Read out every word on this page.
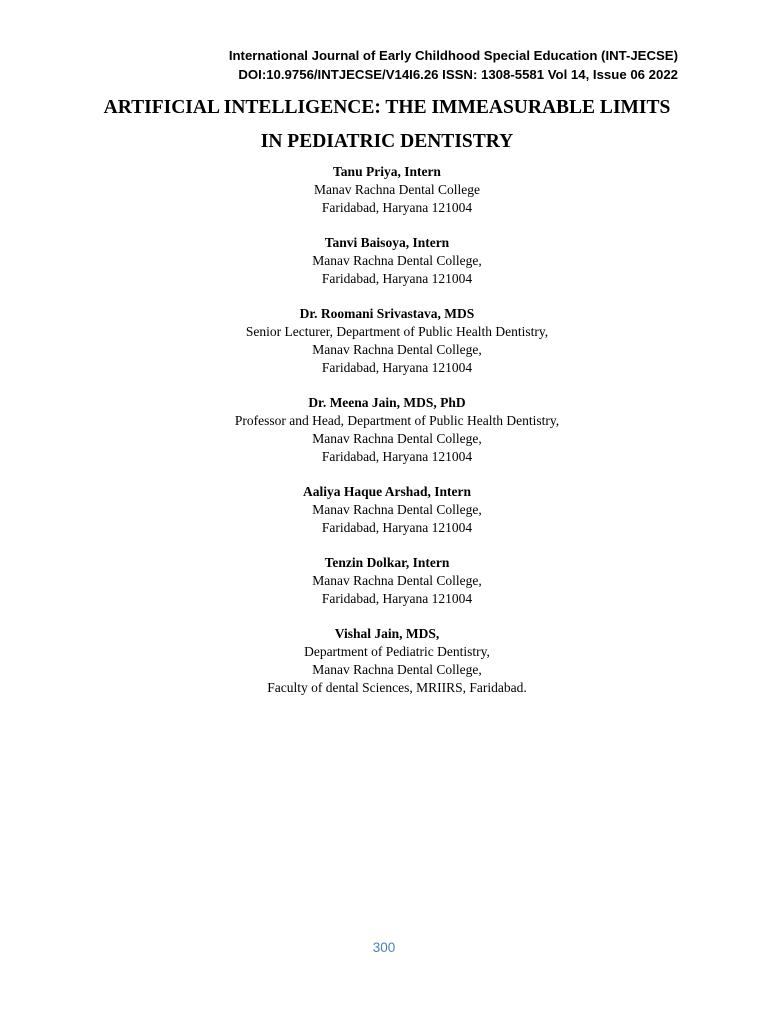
International Journal of Early Childhood Special Education (INT-JECSE)
DOI:10.9756/INTJECSE/V14I6.26 ISSN: 1308-5581 Vol 14, Issue 06 2022
ARTIFICIAL INTELLIGENCE: THE IMMEASURABLE LIMITS
IN PEDIATRIC DENTISTRY
Tanu Priya, Intern
Manav Rachna Dental College
Faridabad, Haryana 121004
Tanvi Baisoya, Intern
Manav Rachna Dental College,
Faridabad, Haryana 121004
Dr. Roomani Srivastava, MDS
Senior Lecturer, Department of Public Health Dentistry,
Manav Rachna Dental College,
Faridabad, Haryana 121004
Dr. Meena Jain, MDS, PhD
Professor and Head, Department of Public Health Dentistry,
Manav Rachna Dental College,
Faridabad, Haryana 121004
Aaliya Haque Arshad, Intern
Manav Rachna Dental College,
Faridabad, Haryana 121004
Tenzin Dolkar, Intern
Manav Rachna Dental College,
Faridabad, Haryana 121004
Vishal Jain, MDS,
Department of Pediatric Dentistry,
Manav Rachna Dental College,
Faculty of dental Sciences, MRIIRS, Faridabad.
300
